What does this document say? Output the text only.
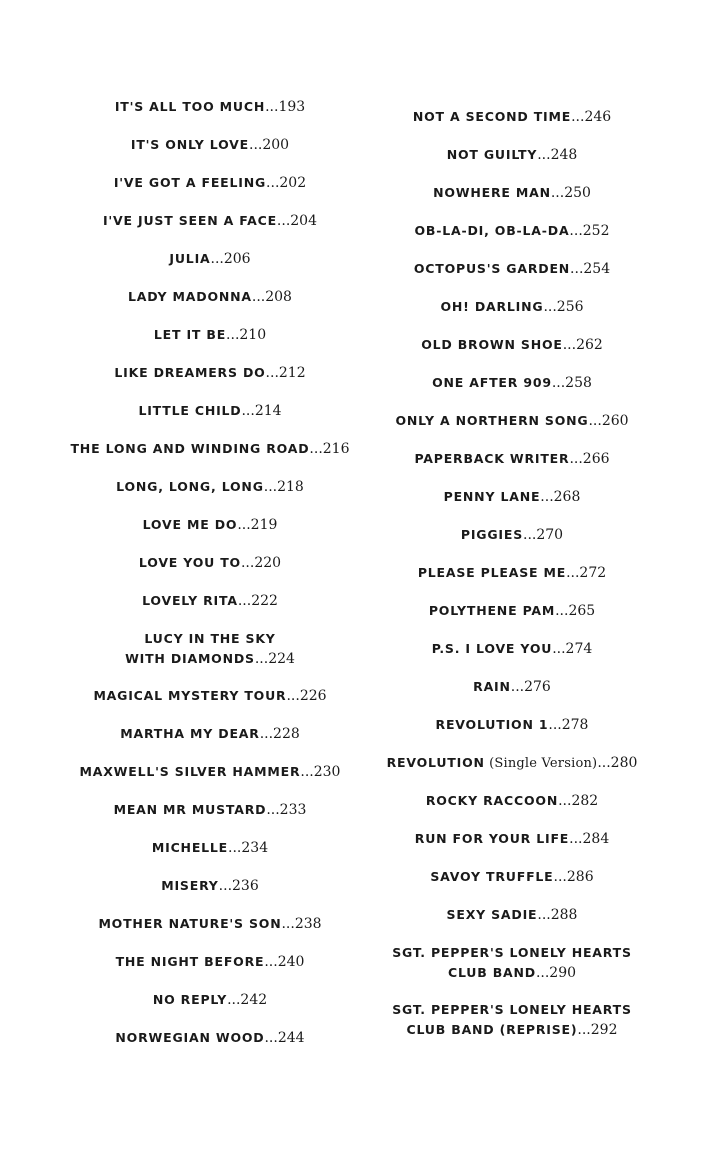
IT'S ALL TOO MUCH...193
IT'S ONLY LOVE...200
I'VE GOT A FEELING...202
I'VE JUST SEEN A FACE...204
JULIA...206
LADY MADONNA...208
LET IT BE...210
LIKE DREAMERS DO...212
LITTLE CHILD...214
THE LONG AND WINDING ROAD...216
LONG, LONG, LONG...218
LOVE ME DO...219
LOVE YOU TO...220
LOVELY RITA...222
LUCY IN THE SKY
WITH DIAMONDS...224
MAGICAL MYSTERY TOUR...226
MARTHA MY DEAR...228
MAXWELL'S SILVER HAMMER...230
MEAN MR MUSTARD...233
MICHELLE...234
MISERY...236
MOTHER NATURE'S SON...238
THE NIGHT BEFORE...240
NO REPLY...242
NORWEGIAN WOOD...244
NOT A SECOND TIME...246
NOT GUILTY...248
NOWHERE MAN...250
OB-LA-DI, OB-LA-DA...252
OCTOPUS'S GARDEN...254
OH! DARLING...256
OLD BROWN SHOE...262
ONE AFTER 909...258
ONLY A NORTHERN SONG...260
PAPERBACK WRITER...266
PENNY LANE...268
PIGGIES...270
PLEASE PLEASE ME...272
POLYTHENE PAM...265
P.S. I LOVE YOU...274
RAIN...276
REVOLUTION 1...278
REVOLUTION (Single Version)...280
ROCKY RACCOON...282
RUN FOR YOUR LIFE...284
SAVOY TRUFFLE...286
SEXY SADIE...288
SGT. PEPPER'S LONELY HEARTS
CLUB BAND...290
SGT. PEPPER'S LONELY HEARTS
CLUB BAND (REPRISE)...292
